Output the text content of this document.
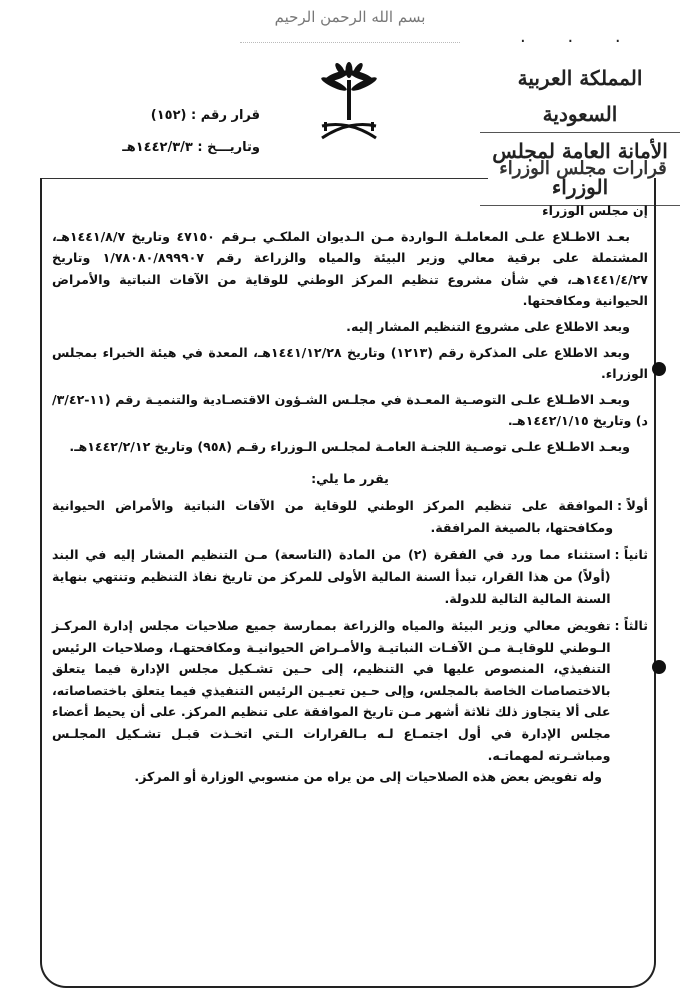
بسم الله الرحمن الرحيم
. . .
المملكة العربية السعودية
الأمانة العامة لمجلس الوزراء
قرار رقم : (١٥٢)
وتاريـــخ : ١٤٤٢/٣/٣هـ
قرارات مجلس الوزراء

إن مجلس الوزراء

بعـد الاطـلاع علـى المعاملـة الـواردة مـن الـديوان الملكـي بـرقم ٤٧١٥٠ وتاريخ ١٤٤١/٨/٧هـ، المشتملة على برقية معالي وزير البيئة والمياه والزراعة رقم ١/٧٨٠٨٠/٨٩٩٩٠٧ وتاريخ ١٤٤١/٤/٢٧هـ، في شأن مشروع تنظيم المركز الوطني للوقاية من الآفات النباتية والأمراض الحيوانية ومكافحتها.

وبعد الاطلاع على مشروع التنظيم المشار إليه.

وبعد الاطلاع على المذكرة رقم (١٢١٣) وتاريخ ١٤٤١/١٢/٢٨هـ، المعدة في هيئة الخبراء بمجلس الوزراء.

وبعـد الاطـلاع علـى التوصـية المعـدة في مجلـس الشـؤون الاقتصـادية والتنميـة رقم (١١-٣/٤٢/د) وتاريخ ١٤٤٢/١/١٥هـ.

وبعـد الاطـلاع علـى توصـية اللجنـة العامـة لمجلـس الـوزراء رقـم (٩٥٨) وتاريخ ١٤٤٢/٢/١٢هـ.

يقرر ما يلي:

أولاً :
الموافقة على تنظيم المركز الوطني للوقاية من الآفات النباتية والأمراض الحيوانية ومكافحتها، بالصيغة المرافقة.
ثانياً :
استثناء مما ورد في الفقرة (٢) من المادة (التاسعة) مـن التنظيم المشار إليه في البند (أولاً) من هذا القرار، تبدأ السنة المالية الأولى للمركز من تاريخ نفاذ التنظيم وتنتهي بنهاية السنة المالية التالية للدولة.
ثالثاً :
تفويض معالي وزير البيئة والمياه والزراعة بممارسة جميع صلاحيات مجلس إدارة المركـز الـوطني للوقايـة مـن الآفـات النباتيـة والأمـراض الحيوانيـة ومكافحتهـا، وصلاحيات الرئيس التنفيذي، المنصوص عليها في التنظيم، إلى حـين تشـكيل مجلس الإدارة فيما يتعلق بالاختصاصات الخاصة بالمجلس، وإلى حـين تعيـين الرئيس التنفيذي فيما يتعلق باختصاصاته، على ألا يتجاوز ذلك ثلاثة أشهر مـن تاريخ الموافقة على تنظيم المركز. على أن يحيط أعضاء مجلس الإدارة في أول اجتمـاع لـه بـالقرارات الـتي اتخـذت قبـل تشـكيل المجلـس ومباشـرته لمهماتـه.

وله تفويض بعض هذه الصلاحيات إلى من يراه من منسوبي الوزارة أو المركز.
